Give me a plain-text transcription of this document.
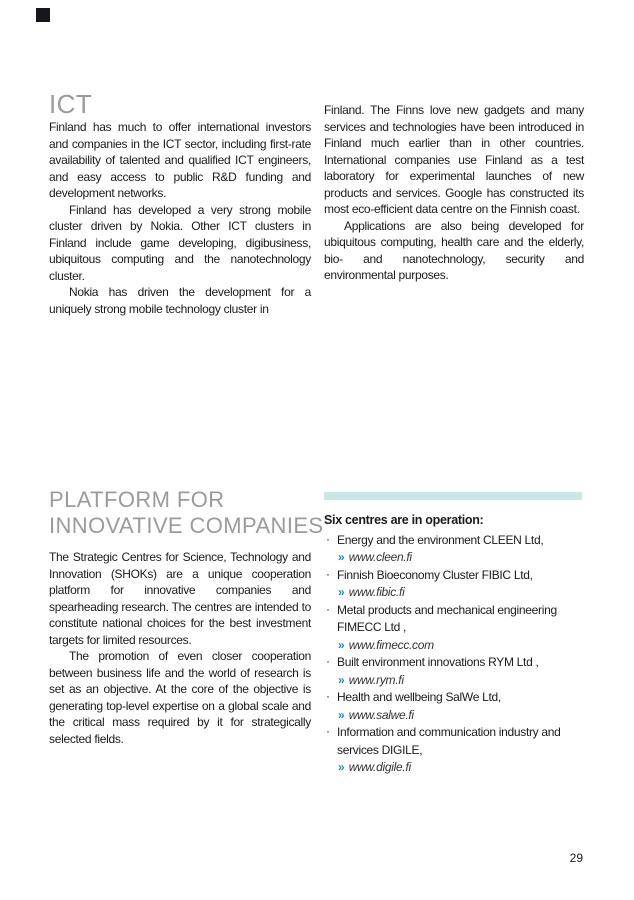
ICT

Finland has much to offer international investors and companies in the ICT sector, including first-rate availability of talented and qualified ICT engineers, and easy access to public R&D funding and development networks.

Finland has developed a very strong mobile cluster driven by Nokia. Other ICT clusters in Finland include game developing, digibusiness, ubiquitous computing and the nanotechnology cluster.

Nokia has driven the development for a uniquely strong mobile technology cluster in

Finland. The Finns love new gadgets and many services and technologies have been introduced in Finland much earlier than in other countries. International companies use Finland as a test laboratory for experimental launches of new products and services. Google has constructed its most eco-efficient data centre on the Finnish coast.

Applications are also being developed for ubiquitous computing, health care and the elderly, bio- and nanotechnology, security and environmental purposes.

PLATFORM FOR INNOVATIVE COMPANIES

The Strategic Centres for Science, Technology and Innovation (SHOKs) are a unique cooperation platform for innovative companies and spearheading research. The centres are intended to constitute national choices for the best investment targets for limited resources.

The promotion of even closer cooperation between business life and the world of research is set as an objective. At the core of the objective is generating top-level expertise on a global scale and the critical mass required by it for strategically selected fields.

Six centres are in operation:
· Energy and the environment CLEEN Ltd,
» www.cleen.fi
· Finnish Bioeconomy Cluster FIBIC Ltd,
» www.fibic.fi
· Metal products and mechanical engineering FIMECC Ltd ,
» www.fimecc.com
· Built environment innovations RYM Ltd ,
» www.rym.fi
· Health and wellbeing SalWe Ltd,
» www.salwe.fi
· Information and communication industry and services DIGILE,
» www.digile.fi
29
